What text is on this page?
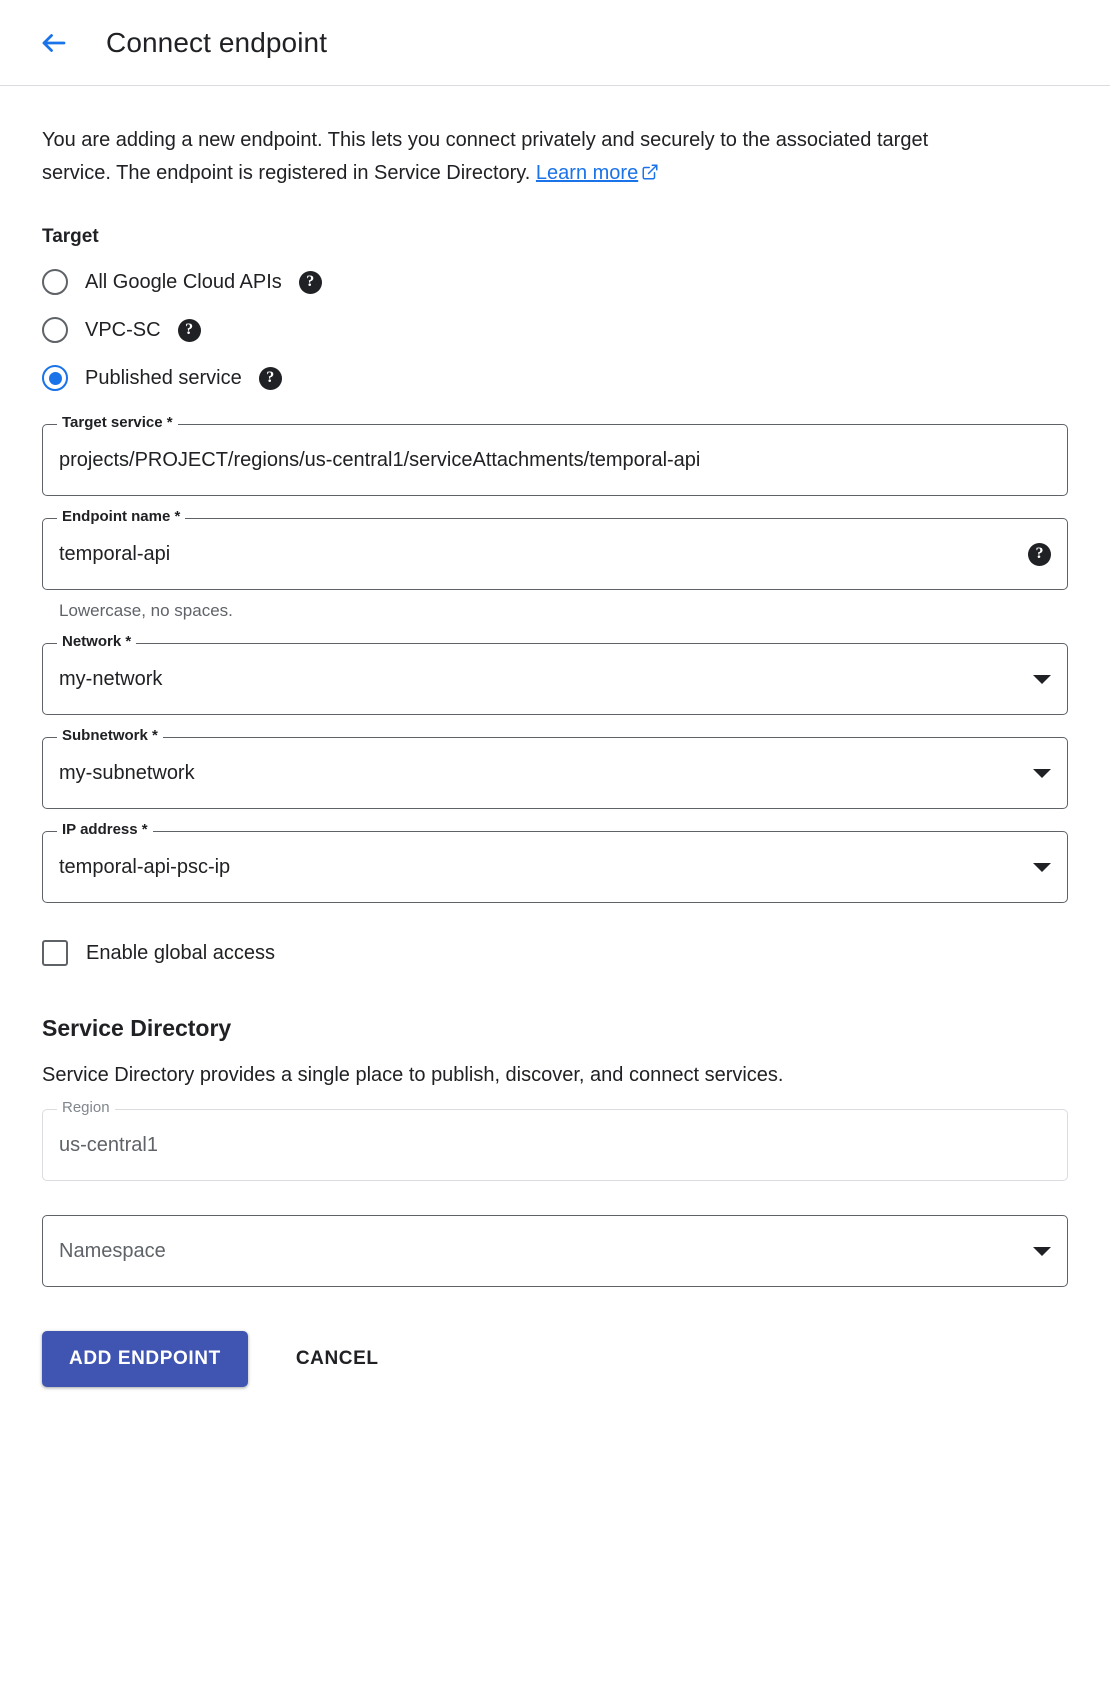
Connect endpoint

You are adding a new endpoint. This lets you connect privately and securely to the associated target service. The endpoint is registered in Service Directory. Learn more

Target
All Google Cloud APIs	?
VPC-SC	?
Published service	?
Target service *
projects/PROJECT/regions/us-central1/serviceAttachments/temporal-api
Endpoint name *
temporal-api	?
Lowercase, no spaces.
Network *
my-network
Subnetwork *
my-subnetwork
IP address *
temporal-api-psc-ip
Enable global access
Service Directory
Service Directory provides a single place to publish, discover, and connect services.
Region
us-central1
Namespace
ADD ENDPOINT	CANCEL
